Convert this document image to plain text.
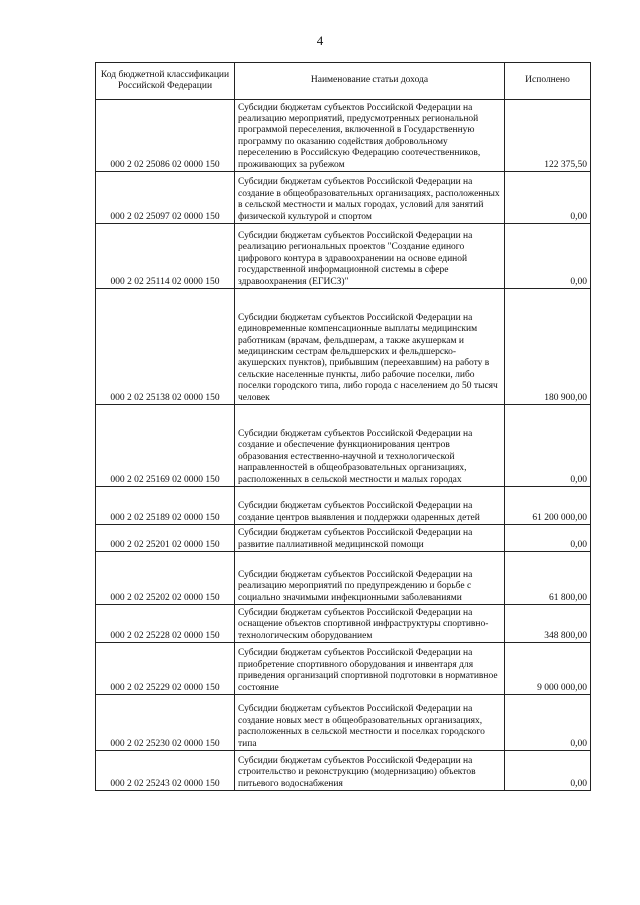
4
Код бюджетной классификации Российской Федерации	Наименование статьи дохода	Исполнено
000 2 02 25086 02 0000 150	Субсидии бюджетам субъектов Российской Федерации на реализацию мероприятий, предусмотренных региональной программой переселения, включенной в Государственную программу по оказанию содействия добровольному переселению в Российскую Федерацию соотечественников, проживающих за рубежом	122 375,50
000 2 02 25097 02 0000 150	Субсидии бюджетам субъектов Российской Федерации на создание в общеобразовательных организациях, расположенных в сельской местности и малых городах, условий для занятий физической культурой и спортом	0,00
000 2 02 25114 02 0000 150	Субсидии бюджетам субъектов Российской Федерации на реализацию региональных проектов "Создание единого цифрового контура в здравоохранении на основе единой государственной информационной системы в сфере здравоохранения (ЕГИСЗ)"	0,00
000 2 02 25138 02 0000 150	Субсидии бюджетам субъектов Российской Федерации на единовременные компенсационные выплаты медицинским работникам (врачам, фельдшерам, а также акушеркам и медицинским сестрам фельдшерских и фельдшерско-акушерских пунктов), прибывшим (переехавшим) на работу в сельские населенные пункты, либо рабочие поселки, либо поселки городского типа, либо города с населением до 50 тысяч человек	180 900,00
000 2 02 25169 02 0000 150	Субсидии бюджетам субъектов Российской Федерации на создание и обеспечение функционирования центров образования естественно-научной и технологической направленностей в общеобразовательных организациях, расположенных в сельской местности и малых городах	0,00
000 2 02 25189 02 0000 150	Субсидии бюджетам субъектов Российской Федерации на создание центров выявления и поддержки одаренных детей	61 200 000,00
000 2 02 25201 02 0000 150	Субсидии бюджетам субъектов Российской Федерации на развитие паллиативной медицинской помощи	0,00
000 2 02 25202 02 0000 150	Субсидии бюджетам субъектов Российской Федерации на реализацию мероприятий по предупреждению и борьбе с социально значимыми инфекционными заболеваниями	61 800,00
000 2 02 25228 02 0000 150	Субсидии бюджетам субъектов Российской Федерации на оснащение объектов спортивной инфраструктуры спортивно-технологическим оборудованием	348 800,00
000 2 02 25229 02 0000 150	Субсидии бюджетам субъектов Российской Федерации на приобретение спортивного оборудования и инвентаря для приведения организаций спортивной подготовки в нормативное состояние	9 000 000,00
000 2 02 25230 02 0000 150	Субсидии бюджетам субъектов Российской Федерации на создание новых мест в общеобразовательных организациях, расположенных в сельской местности и поселках городского типа	0,00
000 2 02 25243 02 0000 150	Субсидии бюджетам субъектов Российской Федерации на строительство и реконструкцию (модернизацию) объектов питьевого водоснабжения	0,00
